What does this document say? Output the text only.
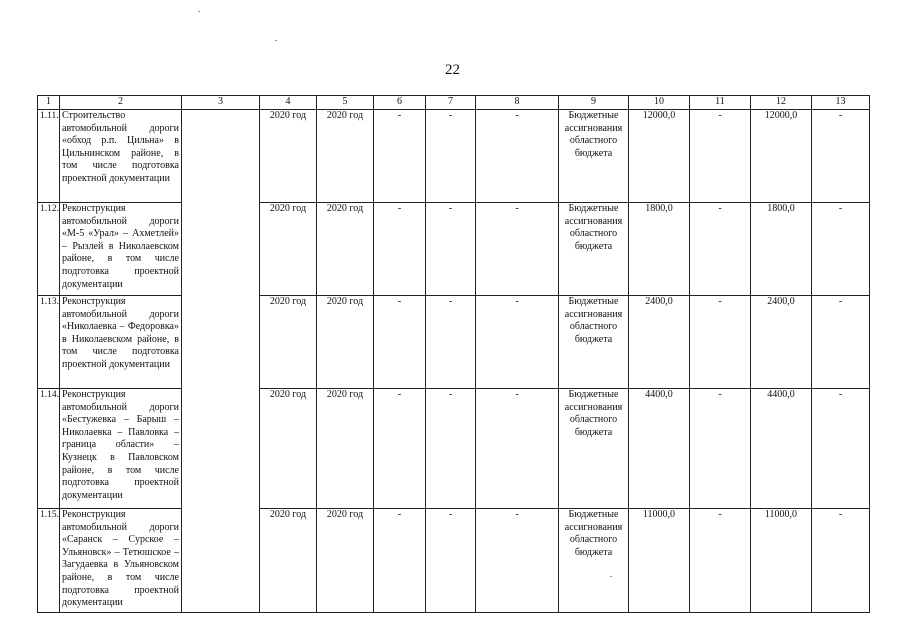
22
1	2	3	4	5	6	7	8	9	10	11	12	13
1.11.	Строительство автомобильной дороги «обход р.п. Цильна» в Цильнинском районе, в том числе подготовка проектной документации		2020 год	2020 год	-	-	-	Бюджетные ассигнования областного бюджета	12000,0	-	12000,0	-
1.12.	Реконструкция автомобильной дороги «М-5 «Урал» – Ахметлей» – Рызлей в Николаевском районе, в том числе подготовка проектной документации		2020 год	2020 год	-	-	-	Бюджетные ассигнования областного бюджета	1800,0	-	1800,0	-
1.13.	Реконструкция автомобильной дороги «Николаевка – Федоровка» в Николаевском районе, в том числе подготовка проектной документации		2020 год	2020 год	-	-	-	Бюджетные ассигнования областного бюджета	2400,0	-	2400,0	-
1.14.	Реконструкция автомобильной дороги «Бестужевка – Барыш – Николаевка – Павловка – граница области» – Кузнецк в Павловском районе, в том числе подготовка проектной документации		2020 год	2020 год	-	-	-	Бюджетные ассигнования областного бюджета	4400,0	-	4400,0	-
1.15.	Реконструкция автомобильной дороги «Саранск – Сурское – Ульяновск» – Тетюшское – Загудаевка в Ульяновском районе, в том числе подготовка проектной документации		2020 год	2020 год	-	-	-	Бюджетные ассигнования областного бюджета	11000,0	-	11000,0	-
